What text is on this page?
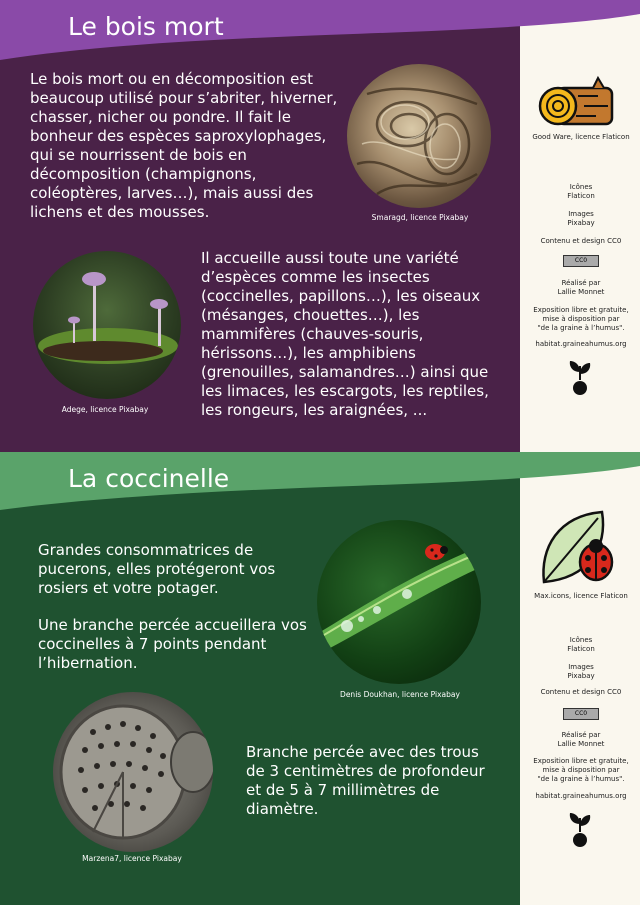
Le bois mort
Le bois mort ou en décomposition est
beaucoup utilisé pour s’abriter, hiverner,
chasser, nicher ou pondre. Il fait le
bonheur des espèces saproxylophages,
qui se nourrissent de bois en
décomposition (champignons,
coléoptères, larves…), mais aussi des
lichens et des mousses.	Smaragd, licence Pixabay
Adege, licence Pixabay
Il accueille aussi toute une variété
d’espèces comme les insectes
(coccinelles, papillons…), les oiseaux
(mésanges, chouettes…), les
mammifères (chauves-souris,
hérissons…), les amphibiens
(grenouilles, salamandres…) ainsi que
les limaces, les escargots, les reptiles,
les rongeurs, les araignées, ...
Good Ware, licence Flaticon
Icônes
Flaticon
Images
Pixabay
Contenu et design CC0
CC0
Réalisé par
Lallie Monnet
Exposition libre et gratuite,
mise à disposition par
"de la graine à l’humus".
habitat.graineahumus.org
La coccinelle
Grandes consommatrices de
pucerons, elles protégeront vos
rosiers et votre potager.
Une branche percée accueillera vos
coccinelles à 7 points pendant
l’hibernation.
Denis Doukhan, licence Pixabay
Marzena7, licence Pixabay
Branche percée avec des trous
de 3 centimètres de profondeur
et de 5 à 7 millimètres de
diamètre.
Max.icons, licence Flaticon
Icônes
Flaticon
Images
Pixabay
Contenu et design CC0
CC0
Réalisé par
Lallie Monnet
Exposition libre et gratuite,
mise à disposition par
"de la graine à l’humus".
habitat.graineahumus.org
